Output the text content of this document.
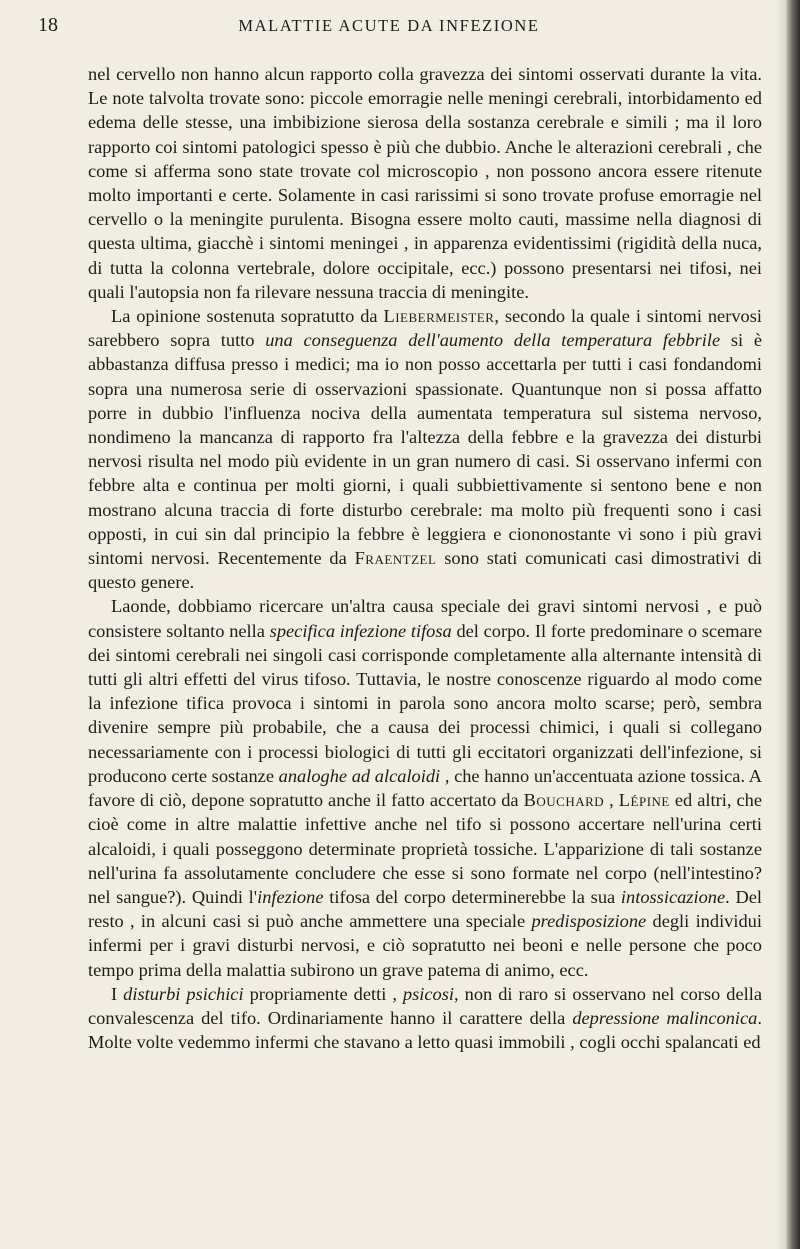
18	MALATTIE ACUTE DA INFEZIONE

nel cervello non hanno alcun rapporto colla gravezza dei sintomi osservati durante la vita. Le note talvolta trovate sono: piccole emorragie nelle meningi cerebrali, intorbidamento ed edema delle stesse, una imbibizione sierosa della sostanza cerebrale e simili ; ma il loro rapporto coi sintomi patologici spesso è più che dubbio. Anche le alterazioni cerebrali , che come si afferma sono state trovate col microscopio , non possono ancora essere ritenute molto importanti e certe. Solamente in casi rarissimi si sono trovate profuse emorragie nel cervello o la meningite purulenta. Bisogna essere molto cauti, massime nella diagnosi di questa ultima, giacchè i sintomi meningei , in apparenza evidentissimi (rigidità della nuca, di tutta la colonna vertebrale, dolore occipitale, ecc.) possono presentarsi nei tifosi, nei quali l'autopsia non fa rilevare nessuna traccia di meningite.

La opinione sostenuta sopratutto da Liebermeister, secondo la quale i sintomi nervosi sarebbero sopra tutto una conseguenza dell'aumento della temperatura febbrile si è abbastanza diffusa presso i medici; ma io non posso accettarla per tutti i casi fondandomi sopra una numerosa serie di osservazioni spassionate. Quantunque non si possa affatto porre in dubbio l'influenza nociva della aumentata temperatura sul sistema nervoso, nondimeno la mancanza di rapporto fra l'altezza della febbre e la gravezza dei disturbi nervosi risulta nel modo più evidente in un gran numero di casi. Si osservano infermi con febbre alta e continua per molti giorni, i quali subbiettivamente si sentono bene e non mostrano alcuna traccia di forte disturbo cerebrale: ma molto più frequenti sono i casi opposti, in cui sin dal principio la febbre è leggiera e ciononostante vi sono i più gravi sintomi nervosi. Recentemente da Fraentzel sono stati comunicati casi dimostrativi di questo genere.

Laonde, dobbiamo ricercare un'altra causa speciale dei gravi sintomi nervosi , e può consistere soltanto nella specifica infezione tifosa del corpo. Il forte predominare o scemare dei sintomi cerebrali nei singoli casi corrisponde completamente alla alternante intensità di tutti gli altri effetti del virus tifoso. Tuttavia, le nostre conoscenze riguardo al modo come la infezione tifica provoca i sintomi in parola sono ancora molto scarse; però, sembra divenire sempre più probabile, che a causa dei processi chimici, i quali si collegano necessariamente con i processi biologici di tutti gli eccitatori organizzati dell'infezione, si producono certe sostanze analoghe ad alcaloidi , che hanno un'accentuata azione tossica. A favore di ciò, depone sopratutto anche il fatto accertato da Bouchard , Lépine ed altri, che cioè come in altre malattie infettive anche nel tifo si possono accertare nell'urina certi alcaloidi, i quali posseggono determinate proprietà tossiche. L'apparizione di tali sostanze nell'urina fa assolutamente concludere che esse si sono formate nel corpo (nell'intestino? nel sangue?). Quindi l'infezione tifosa del corpo determinerebbe la sua intossicazione. Del resto , in alcuni casi si può anche ammettere una speciale predisposizione degli individui infermi per i gravi disturbi nervosi, e ciò sopratutto nei beoni e nelle persone che poco tempo prima della malattia subirono un grave patema di animo, ecc.

I disturbi psichici propriamente detti , psicosi, non di raro si osservano nel corso della convalescenza del tifo. Ordinariamente hanno il carattere della depressione malinconica. Molte volte vedemmo infermi che stavano a letto quasi immobili , cogli occhi spalancati ed
